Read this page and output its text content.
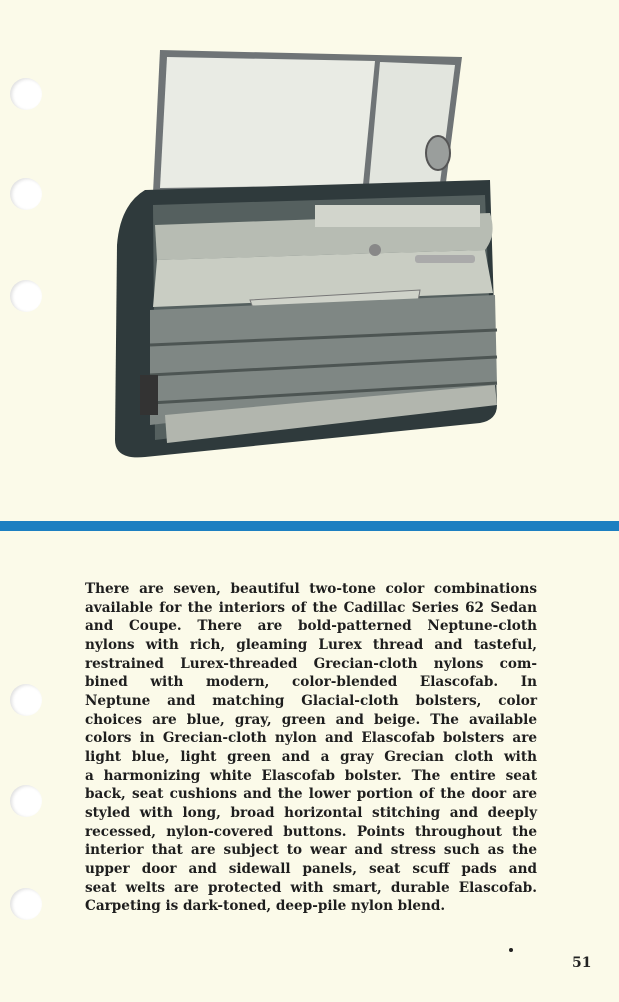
There are seven, beautiful two-tone color combinations
available for the interiors of the Cadillac Series 62 Sedan
and Coupe. There are bold-patterned Neptune-cloth
nylons with rich, gleaming Lurex thread and tasteful,
restrained Lurex-threaded Grecian-cloth nylons com-
bined with modern, color-blended Elascofab. In
Neptune and matching Glacial-cloth bolsters, color
choices are blue, gray, green and beige. The available
colors in Grecian-cloth nylon and Elascofab bolsters are
light blue, light green and a gray Grecian cloth with
a harmonizing white Elascofab bolster. The entire seat
back, seat cushions and the lower portion of the door are
styled with long, broad horizontal stitching and deeply
recessed, nylon-covered buttons. Points throughout the
interior that are subject to wear and stress such as the
upper door and sidewall panels, seat scuff pads and
seat welts are protected with smart, durable Elascofab.
Carpeting is dark-toned, deep-pile nylon blend.
51
